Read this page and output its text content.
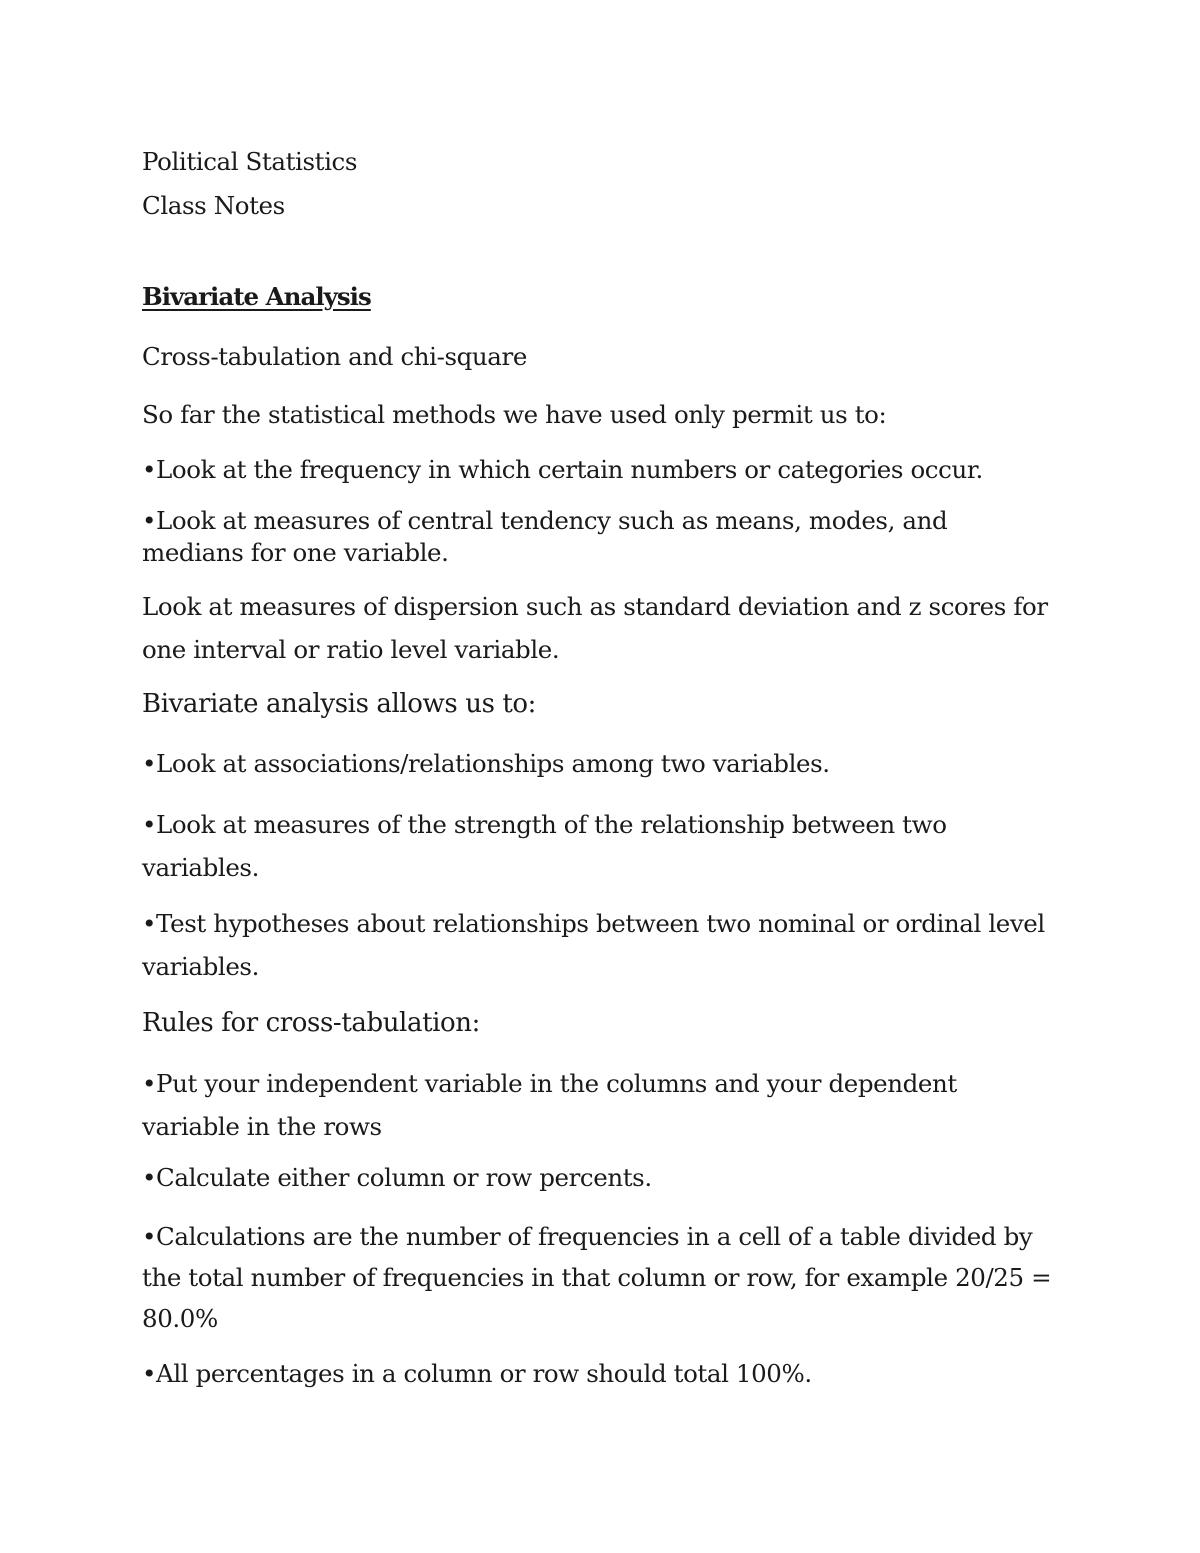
Political Statistics
Class Notes
Bivariate Analysis
Cross-tabulation and chi-square
So far the statistical methods we have used only permit us to:
•Look at the frequency in which certain numbers or categories occur.
•Look at measures of central tendency such as means, modes, and medians for one variable.
Look at measures of dispersion such as standard deviation and z scores for one interval or ratio level variable.
Bivariate analysis allows us to:
•Look at associations/relationships among two variables.
•Look at measures of the strength of the relationship between two variables.
•Test hypotheses about relationships between two nominal or ordinal level variables.
Rules for cross-tabulation:
•Put your independent variable in the columns and your dependent variable in the rows
•Calculate either column or row percents.
•Calculations are the number of frequencies in a cell of a table divided by the total number of frequencies in that column or row, for example 20/25 = 80.0%
•All percentages in a column or row should total 100%.
